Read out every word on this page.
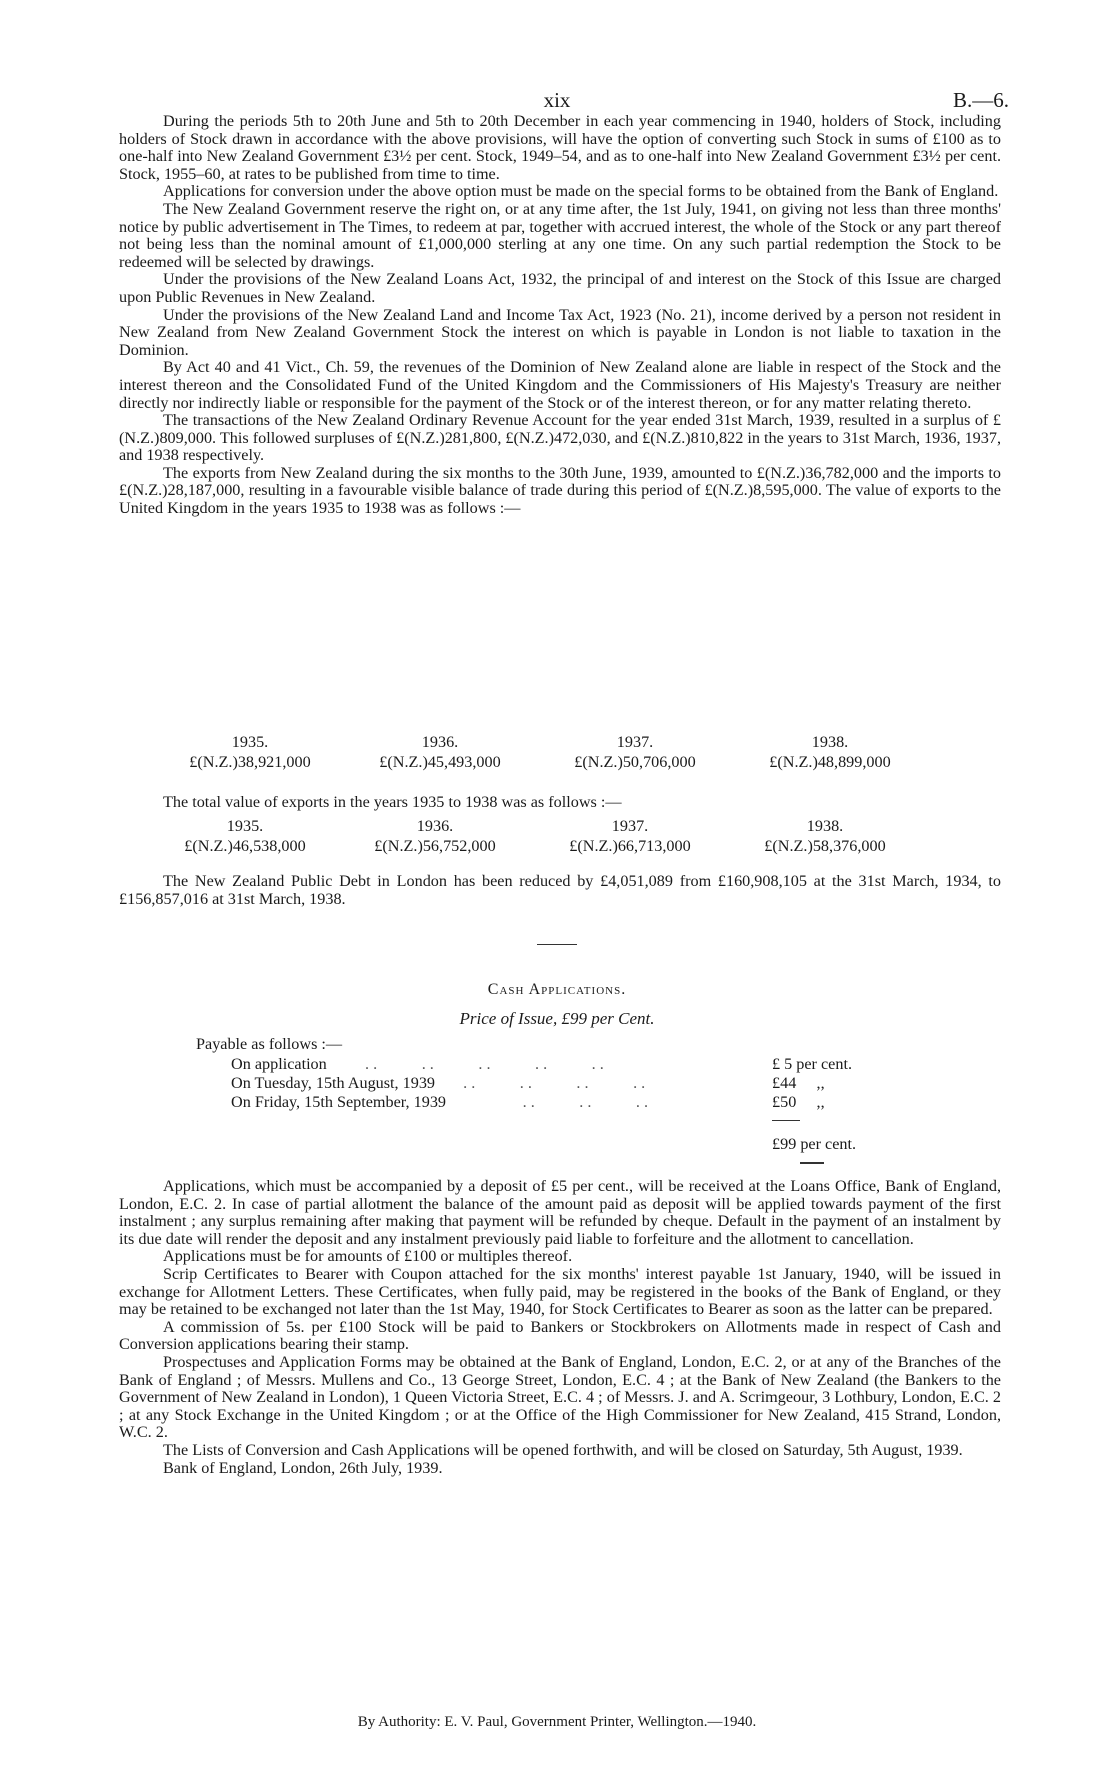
xix	B.—6.

During the periods 5th to 20th June and 5th to 20th December in each year commencing in 1940, holders of Stock, including holders of Stock drawn in accordance with the above provisions, will have the option of converting such Stock in sums of £100 as to one-half into New Zealand Government £3½ per cent. Stock, 1949–54, and as to one-half into New Zealand Government £3½ per cent. Stock, 1955–60, at rates to be published from time to time.

Applications for conversion under the above option must be made on the special forms to be obtained from the Bank of England.

The New Zealand Government reserve the right on, or at any time after, the 1st July, 1941, on giving not less than three months' notice by public advertisement in The Times, to redeem at par, together with accrued interest, the whole of the Stock or any part thereof not being less than the nominal amount of £1,000,000 sterling at any one time. On any such partial redemption the Stock to be redeemed will be selected by drawings.

Under the provisions of the New Zealand Loans Act, 1932, the principal of and interest on the Stock of this Issue are charged upon Public Revenues in New Zealand.

Under the provisions of the New Zealand Land and Income Tax Act, 1923 (No. 21), income derived by a person not resident in New Zealand from New Zealand Government Stock the interest on which is payable in London is not liable to taxation in the Dominion.

By Act 40 and 41 Vict., Ch. 59, the revenues of the Dominion of New Zealand alone are liable in respect of the Stock and the interest thereon and the Consolidated Fund of the United Kingdom and the Commissioners of His Majesty's Treasury are neither directly nor indirectly liable or responsible for the payment of the Stock or of the interest thereon, or for any matter relating thereto.

The transactions of the New Zealand Ordinary Revenue Account for the year ended 31st March, 1939, resulted in a surplus of £(N.Z.)809,000. This followed surpluses of £(N.Z.)281,800, £(N.Z.)472,030, and £(N.Z.)810,822 in the years to 31st March, 1936, 1937, and 1938 respectively.

The exports from New Zealand during the six months to the 30th June, 1939, amounted to £(N.Z.)36,782,000 and the imports to £(N.Z.)28,187,000, resulting in a favourable visible balance of trade during this period of £(N.Z.)8,595,000. The value of exports to the United Kingdom in the years 1935 to 1938 was as follows :—

1935.	1936.	1937.	1938.
£(N.Z.)38,921,000	£(N.Z.)45,493,000	£(N.Z.)50,706,000	£(N.Z.)48,899,000
The total value of exports in the years 1935 to 1938 was as follows :—
1935.	1936.	1937.	1938.
£(N.Z.)46,538,000	£(N.Z.)56,752,000	£(N.Z.)66,713,000	£(N.Z.)58,376,000

The New Zealand Public Debt in London has been reduced by £4,051,089 from £160,908,105 at the 31st March, 1934, to £156,857,016 at 31st March, 1938.

Cash Applications.
Price of Issue, £99 per Cent.
Payable as follows :—
On application . .           . .           . .           . .           . .	£ 5 per cent.
On Tuesday, 15th August, 1939 . .           . .           . .           . .	£44     ,,
On Friday, 15th September, 1939 . .           . .           . .	£50     ,,
£99 per cent.

Applications, which must be accompanied by a deposit of £5 per cent., will be received at the Loans Office, Bank of England, London, E.C. 2. In case of partial allotment the balance of the amount paid as deposit will be applied towards payment of the first instalment ; any surplus remaining after making that payment will be refunded by cheque. Default in the payment of an instalment by its due date will render the deposit and any instalment previously paid liable to forfeiture and the allotment to cancellation.

Applications must be for amounts of £100 or multiples thereof.

Scrip Certificates to Bearer with Coupon attached for the six months' interest payable 1st January, 1940, will be issued in exchange for Allotment Letters. These Certificates, when fully paid, may be registered in the books of the Bank of England, or they may be retained to be exchanged not later than the 1st May, 1940, for Stock Certificates to Bearer as soon as the latter can be prepared.

A commission of 5s. per £100 Stock will be paid to Bankers or Stockbrokers on Allotments made in respect of Cash and Conversion applications bearing their stamp.

Prospectuses and Application Forms may be obtained at the Bank of England, London, E.C. 2, or at any of the Branches of the Bank of England ; of Messrs. Mullens and Co., 13 George Street, London, E.C. 4 ; at the Bank of New Zealand (the Bankers to the Government of New Zealand in London), 1 Queen Victoria Street, E.C. 4 ; of Messrs. J. and A. Scrimgeour, 3 Lothbury, London, E.C. 2 ; at any Stock Exchange in the United Kingdom ; or at the Office of the High Commissioner for New Zealand, 415 Strand, London, W.C. 2.

The Lists of Conversion and Cash Applications will be opened forthwith, and will be closed on Saturday, 5th August, 1939.

Bank of England, London, 26th July, 1939.

By Authority: E. V. Paul, Government Printer, Wellington.—1940.
